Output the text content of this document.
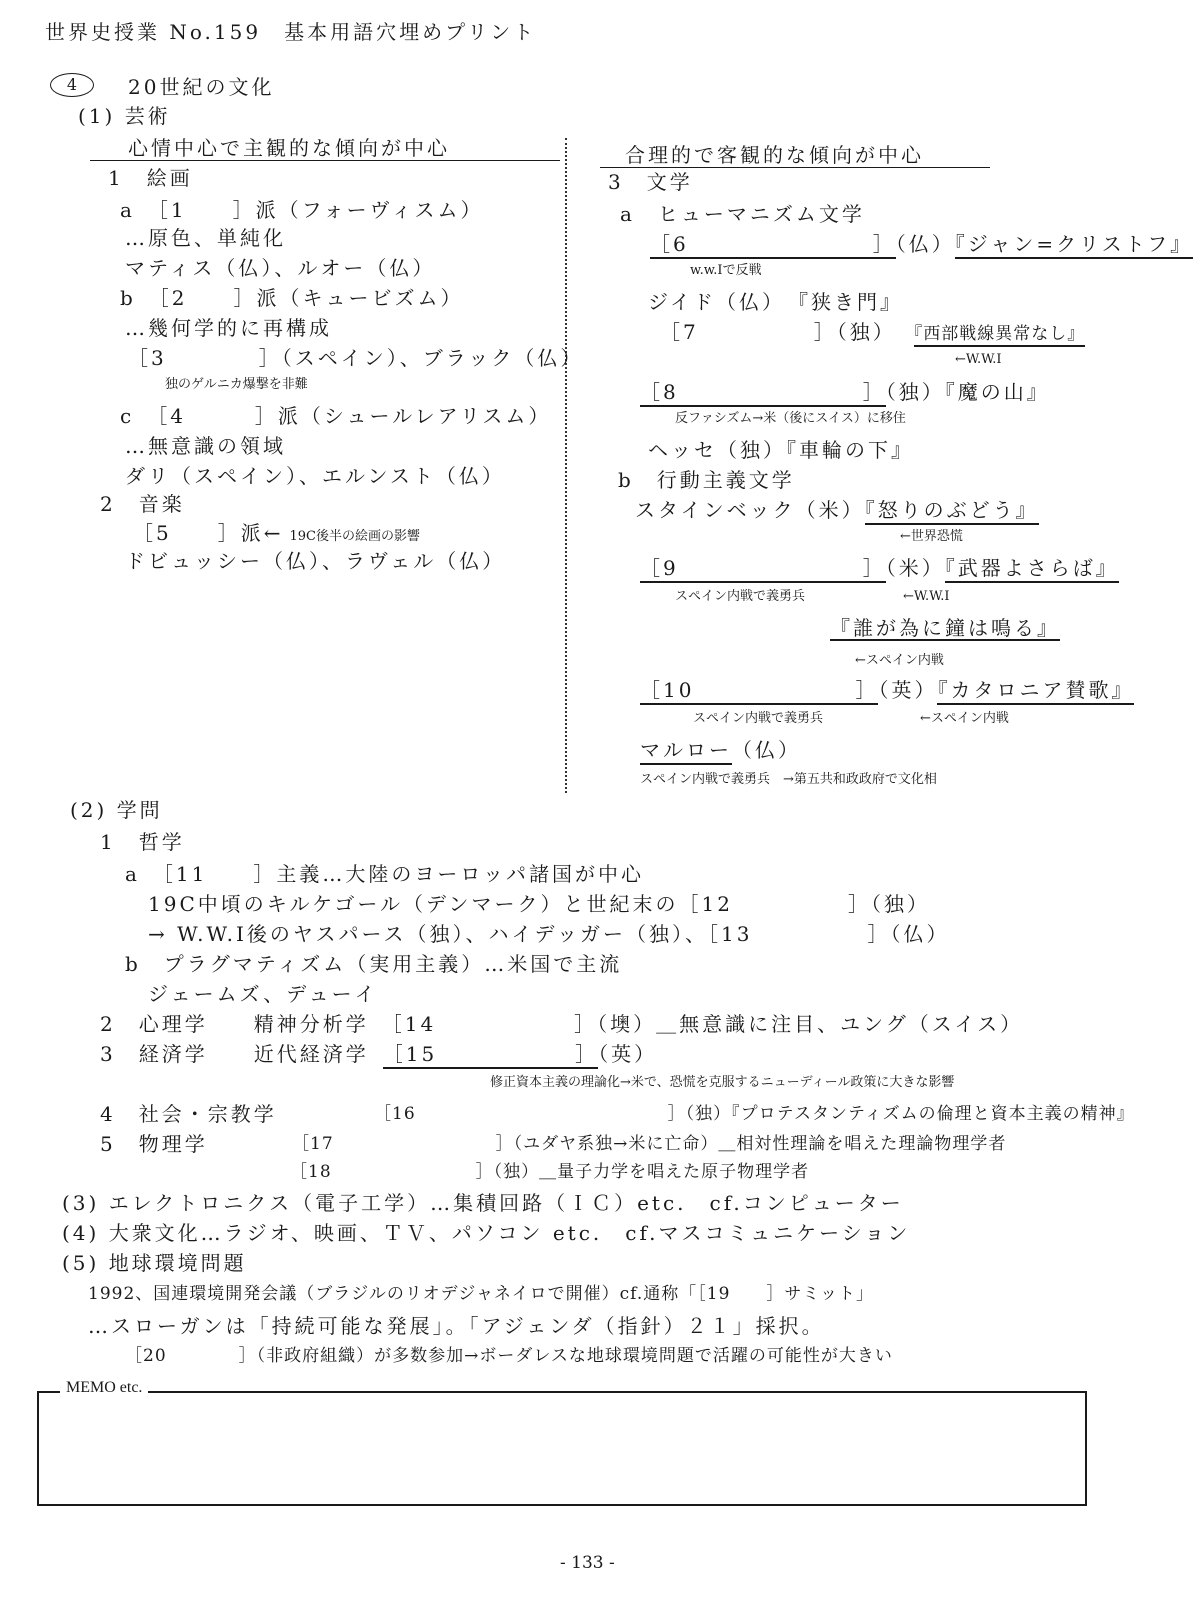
世界史授業 No.159　基本用語穴埋めプリント
4	20世紀の文化
(1) 芸術
心情中心で主観的な傾向が中心	合理的で客観的な傾向が中心
1　絵画
a　［1　　］派（フォーヴィスム）
…原色、単純化
マティス（仏）、ルオー（仏）
b　［2　　］派（キュービズム）
…幾何学的に再構成
［3　　　　］（スペイン）、ブラック（仏）
独のゲルニカ爆撃を非難
c　［4　　　］派（シュールレアリスム）
…無意識の領域
ダリ（スペイン）、エルンスト（仏）
2　音楽
［5　　］派← 19C後半の絵画の影響
ドビュッシー（仏）、ラヴェル（仏）
3　文学
a　ヒューマニズム文学
［6　　　　　　　　］（仏）『ジャン=クリストフ』
w.w.Ⅰで反戦
ジイド（仏）　『狭き門』
［7　　　　　］（独） 『西部戦線異常なし』
←W.W.Ⅰ
［8　　　　　　　　］（独）『魔の山』
反ファシズム→米（後にスイス）に移住
ヘッセ（独）『車輪の下』
b　行動主義文学
スタインベック（米）『怒りのぶどう』
←世界恐慌
［9　　　　　　　　］（米）『武器よさらば』
スペイン内戦で義勇兵	←W.W.Ⅰ
『誰が為に鐘は鳴る』
←スペイン内戦
［10　　　　　　　］（英）『カタロニア賛歌』
スペイン内戦で義勇兵	←スペイン内戦
マルロー（仏）
スペイン内戦で義勇兵　→第五共和政政府で文化相
(2) 学問
1　哲学
a　［11　　］主義…大陸のヨーロッパ諸国が中心
19C中頃のキルケゴール（デンマーク）と世紀末の［12　　　　　］（独）
→ W.W.Ⅰ後のヤスパース（独）、ハイデッガー（独）、［13　　　　　］（仏）
b　プラグマティズム（実用主義）…米国で主流
ジェームズ、デューイ
2　心理学　　精神分析学　［14　　　　　　］（墺）＿無意識に注目、ユング（スイス）
3　経済学　　近代経済学 ［15　　　　　　］（英）
修正資本主義の理論化→米で、恐慌を克服するニューディール政策に大きな影響
4　社会・宗教学	［16　　　　　　　　　　　　　　］（独）『プロテスタンティズムの倫理と資本主義の精神』
5　物理学	［17　　　　　　　　　］（ユダヤ系独→米に亡命）＿相対性理論を唱えた理論物理学者
［18　　　　　　　　］（独）＿量子力学を唱えた原子物理学者
(3) エレクトロニクス（電子工学）…集積回路（ＩＣ）etc.　cf.コンピューター
(4) 大衆文化…ラジオ、映画、ＴＶ、パソコン etc.　cf.マスコミュニケーション
(5) 地球環境問題
1992、国連環境開発会議（ブラジルのリオデジャネイロで開催）cf.通称「［19　　］サミット」
…スローガンは「持続可能な発展」。「アジェンダ（指針）２１」採択。
［20　　　　］（非政府組織）が多数参加→ボーダレスな地球環境問題で活躍の可能性が大きい
MEMO etc.
- 133 -
